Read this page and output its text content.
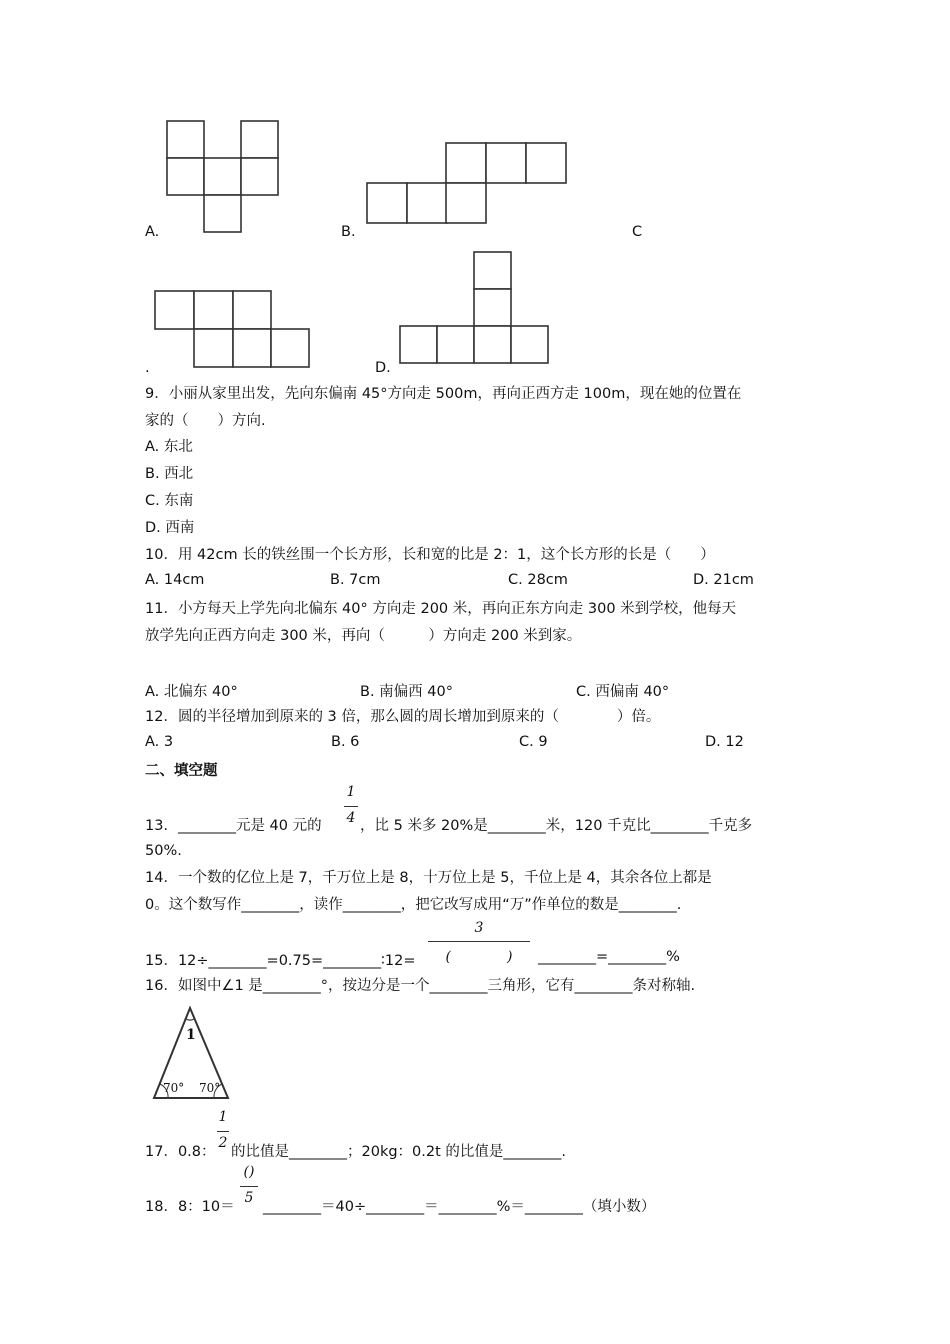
A.	B.	C
.	D.
9．小丽从家里出发，先向东偏南 45°方向走 500m，再向正西方走 100m，现在她的位置在
家的（　　）方向.
A. 东北
B. 西北
C. 东南
D. 西南
10．用 42cm 长的铁丝围一个长方形，长和宽的比是 2：1，这个长方形的长是（　　）
A. 14cm	B. 7cm	C. 28cm	D. 21cm
11．小方每天上学先向北偏东 40° 方向走 200 米，再向正东方向走 300 米到学校，他每天
放学先向正西方向走 300 米，再向（　　　）方向走 200 米到家。
A. 北偏东 40°	B. 南偏西 40°	C. 西偏南 40°
12．圆的半径增加到原来的 3 倍，那么圆的周长增加到原来的（　　　　）倍。
A. 3	B. 6	C. 9	D. 12
二、填空题
13．________元是 40 元的
1
4 ，比 5 米多 20%是________米，120 千克比________千克多
50%.
14．一个数的亿位上是 7，千万位上是 8，十万位上是 5，千位上是 4，其余各位上都是
0。这个数写作________，读作________，把它改写成用“万”作单位的数是________.
15．12÷________=0.75=________∶12=
3
(　　　　)	________=________%
16．如图中∠1 是________°，按边分是一个________三角形，它有________条对称轴.
1
70° 70°
17．0.8：
1
2
的比值是________；20kg：0.2t 的比值是________.
18．8：10＝
()
5
________＝40÷________＝________%＝________（填小数）
